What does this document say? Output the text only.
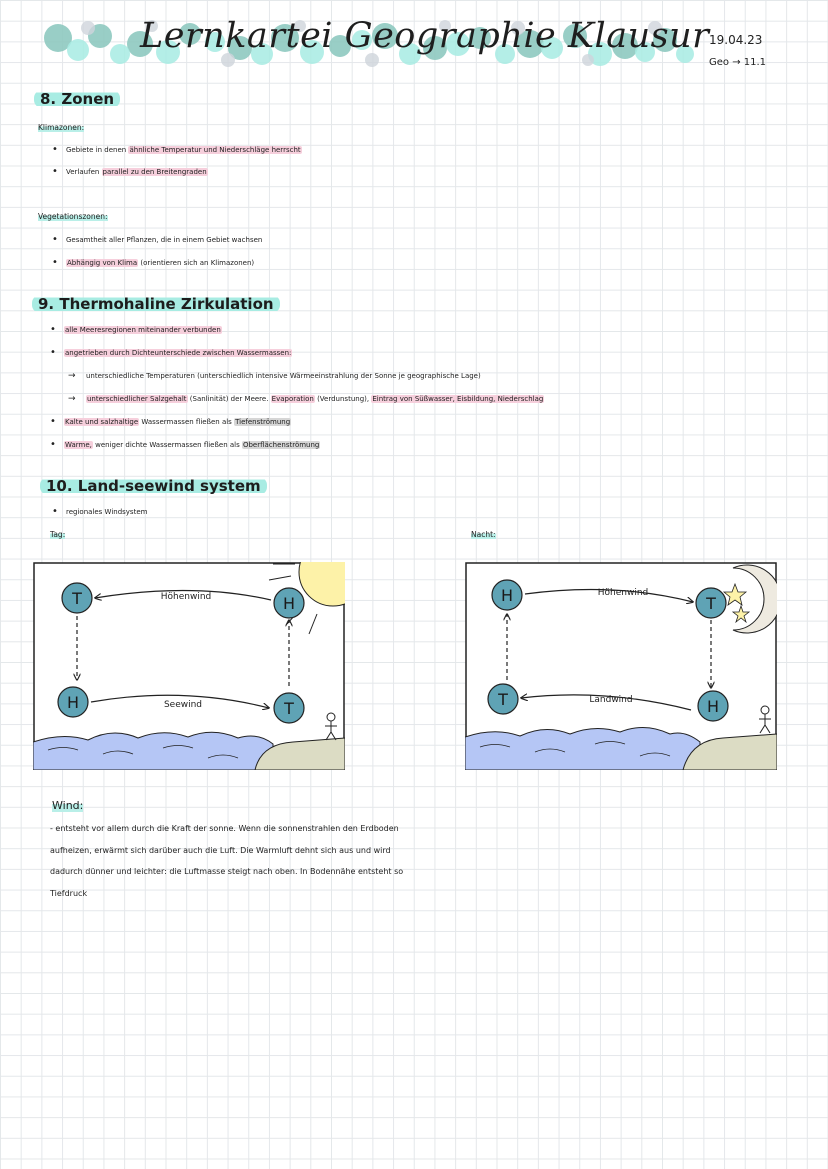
Lernkartei Geographie Klausur 19.04.23
Geo → 11.1
8. Zonen
Klimazonen:
• Gebiete in denen ähnliche Temperatur und Niederschläge herrscht
• Verlaufen parallel zu den Breitengraden
Vegetationszonen:
• Gesamtheit aller Pflanzen, die in einem Gebiet wachsen
• Abhängig von Klima (orientieren sich an Klimazonen)
9. Thermohaline Zirkulation
• alle Meeresregionen miteinander verbunden
• angetrieben durch Dichteunterschiede zwischen Wassermassen:
→ unterschiedliche Temperaturen (unterschiedlich intensive Wärmeeinstrahlung der Sonne je geographische Lage)
→ unterschiedlicher Salzgehalt (Sanlinität) der Meere. Evaporation (Verdunstung), Eintrag von Süßwasser, Eisbildung, Niederschlag
• Kalte und salzhaltige Wassermassen fließen als Tiefenströmung
• Warme, weniger dichte Wassermassen fließen als Oberflächenströmung
10. Land-seewind system
• regionales Windsystem
Tag:	Nacht:
Höhenwind
Seewind
T	H
H	T
Höhenwind
Landwind
H	T
T	H
Wind:
- entsteht vor allem durch die Kraft der sonne. Wenn die sonnenstrahlen den Erdboden
aufheizen, erwärmt sich darüber auch die Luft. Die Warmluft dehnt sich aus und wird
dadurch dünner und leichter: die Luftmasse steigt nach oben. In Bodennähe entsteht so
Tiefdruck
